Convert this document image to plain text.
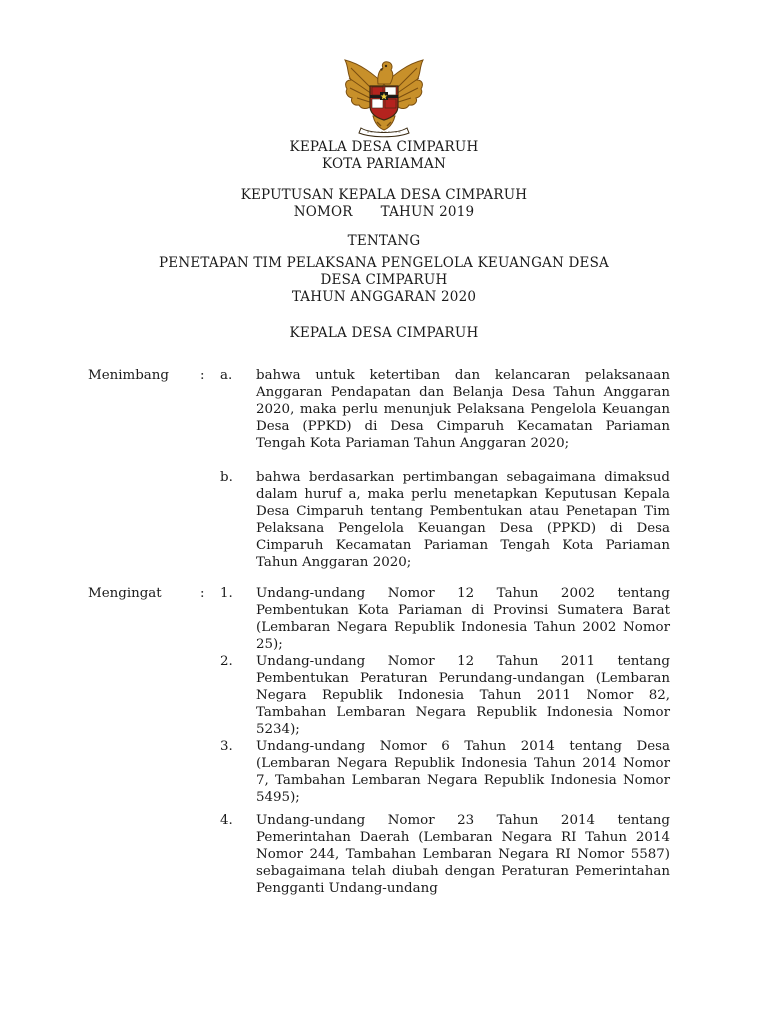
KEPALA DESA CIMPARUH
KOTA PARIAMAN
KEPUTUSAN KEPALA DESA CIMPARUH
NOMOR TAHUN 2019
TENTANG
PENETAPAN TIM PELAKSANA PENGELOLA KEUANGAN DESA
DESA CIMPARUH
TAHUN ANGGARAN 2020
KEPALA DESA CIMPARUH
Menimbang : a. bahwa untuk ketertiban dan kelancaran pelaksanaan Anggaran Pendapatan dan Belanja Desa Tahun Anggaran 2020, maka perlu menunjuk Pelaksana Pengelola Keuangan Desa (PPKD) di Desa Cimparuh Kecamatan Pariaman Tengah Kota Pariaman Tahun Anggaran 2020;
b. bahwa berdasarkan pertimbangan sebagaimana dimaksud dalam huruf a, maka perlu menetapkan Keputusan Kepala Desa Cimparuh tentang Pembentukan atau Penetapan Tim Pelaksana Pengelola Keuangan Desa (PPKD) di Desa Cimparuh Kecamatan Pariaman Tengah Kota Pariaman Tahun Anggaran 2020;
Mengingat	: 1. Undang-undang Nomor 12 Tahun 2002 tentang Pembentukan Kota Pariaman di Provinsi Sumatera Barat (Lembaran Negara Republik Indonesia Tahun 2002 Nomor 25);
2. Undang-undang Nomor 12 Tahun 2011 tentang Pembentukan Peraturan Perundang-undangan (Lembaran Negara Republik Indonesia Tahun 2011 Nomor 82, Tambahan Lembaran Negara Republik Indonesia Nomor 5234);
3. Undang-undang Nomor 6 Tahun 2014 tentang Desa (Lembaran Negara Republik Indonesia Tahun 2014 Nomor 7, Tambahan Lembaran Negara Republik Indonesia Nomor 5495);
4. Undang-undang Nomor 23 Tahun 2014 tentang Pemerintahan Daerah (Lembaran Negara RI Tahun 2014 Nomor 244, Tambahan Lembaran Negara RI Nomor 5587) sebagaimana telah diubah dengan Peraturan Pemerintahan Pengganti Undang-undang
